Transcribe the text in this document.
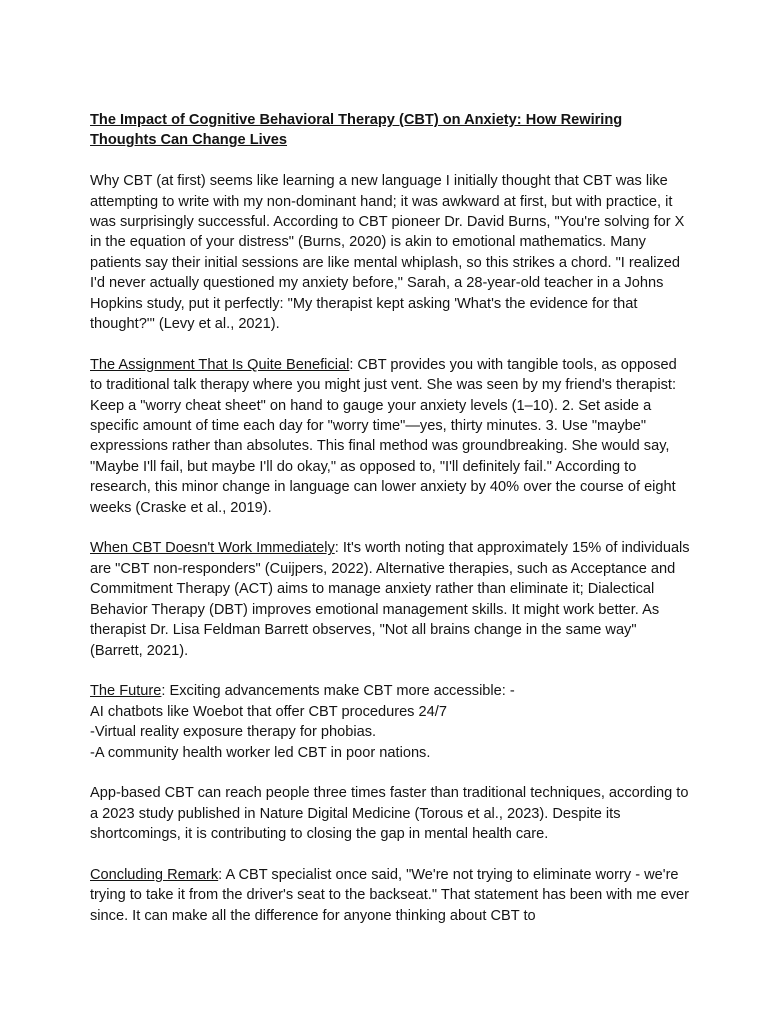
The Impact of Cognitive Behavioral Therapy (CBT) on Anxiety: How Rewiring Thoughts Can Change Lives

Why CBT (at first) seems like learning a new language I initially thought that CBT was like attempting to write with my non-dominant hand; it was awkward at first, but with practice, it was surprisingly successful. According to CBT pioneer Dr. David Burns, "You're solving for X in the equation of your distress" (Burns, 2020) is akin to emotional mathematics. Many patients say their initial sessions are like mental whiplash, so this strikes a chord. "I realized I'd never actually questioned my anxiety before," Sarah, a 28-year-old teacher in a Johns Hopkins study, put it perfectly: "My therapist kept asking 'What's the evidence for that thought?'" (Levy et al., 2021).

The Assignment That Is Quite Beneficial: CBT provides you with tangible tools, as opposed to traditional talk therapy where you might just vent. She was seen by my friend's therapist: Keep a "worry cheat sheet" on hand to gauge your anxiety levels (1–10). 2. Set aside a specific amount of time each day for "worry time"—yes, thirty minutes. 3. Use "maybe" expressions rather than absolutes. This final method was groundbreaking. She would say, "Maybe I'll fail, but maybe I'll do okay," as opposed to, "I'll definitely fail." According to research, this minor change in language can lower anxiety by 40% over the course of eight weeks (Craske et al., 2019).

When CBT Doesn't Work Immediately: It's worth noting that approximately 15% of individuals are "CBT non-responders" (Cuijpers, 2022). Alternative therapies, such as Acceptance and Commitment Therapy (ACT) aims to manage anxiety rather than eliminate it; Dialectical Behavior Therapy (DBT) improves emotional management skills. It might work better. As therapist Dr. Lisa Feldman Barrett observes, "Not all brains change in the same way" (Barrett, 2021).

The Future: Exciting advancements make CBT more accessible: -
AI chatbots like Woebot that offer CBT procedures 24/7
-Virtual reality exposure therapy for phobias.
-A community health worker led CBT in poor nations.

App-based CBT can reach people three times faster than traditional techniques, according to a 2023 study published in Nature Digital Medicine (Torous et al., 2023). Despite its shortcomings, it is contributing to closing the gap in mental health care.

Concluding Remark: A CBT specialist once said, "We're not trying to eliminate worry - we're trying to take it from the driver's seat to the backseat." That statement has been with me ever since. It can make all the difference for anyone thinking about CBT to
